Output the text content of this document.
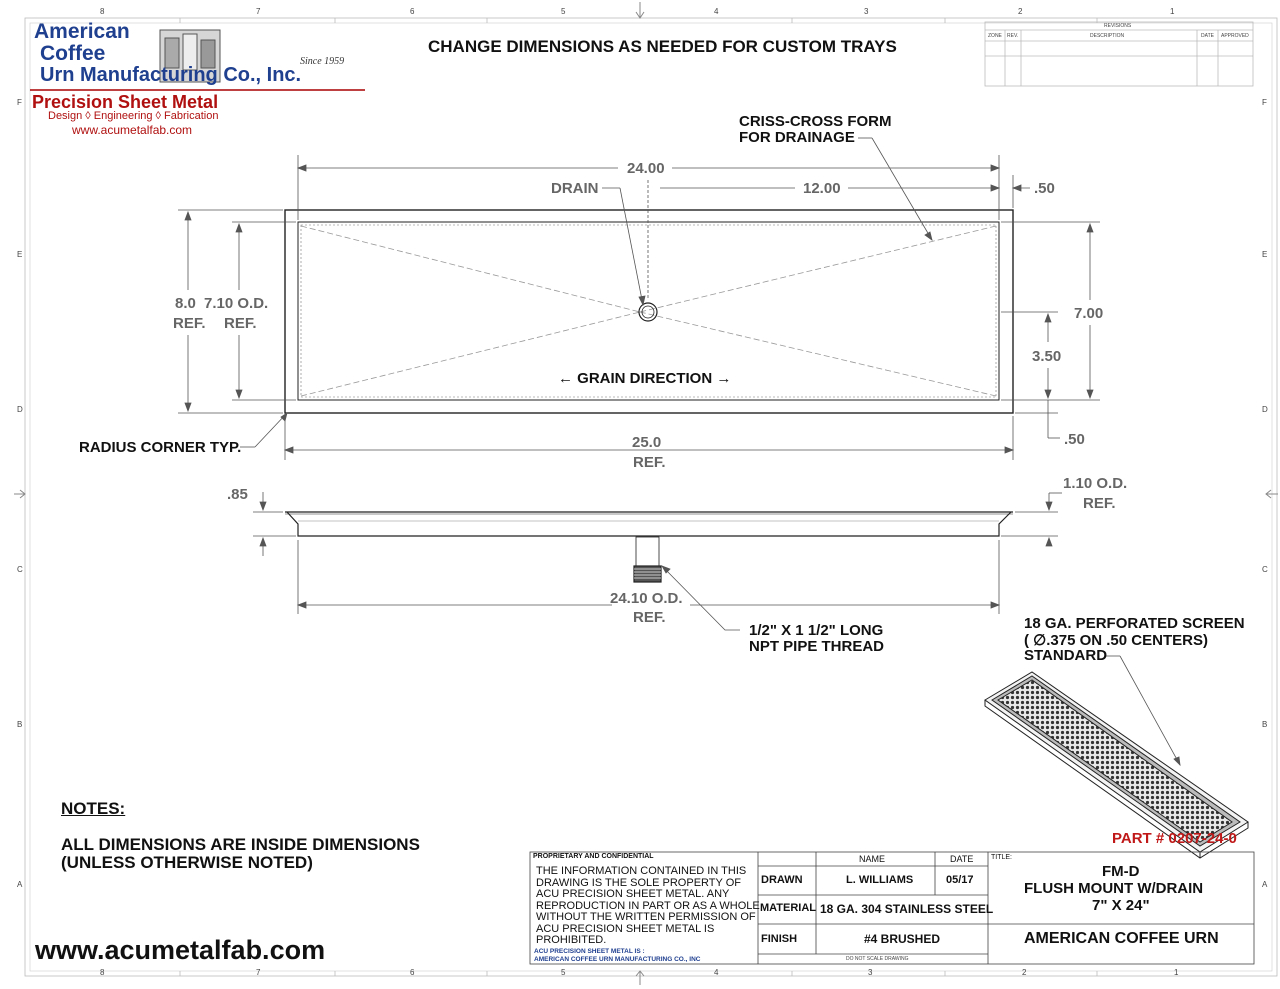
8	7	6	5	4	3	2	1
8	7	6	5	4	3	2	1
F
E
D
C
B
A
F
E
D
C
B
A
American
Coffee
Urn Manufacturing Co., Inc.
Since 1959
Precision Sheet Metal
Design ◊ Engineering ◊ Fabrication
www.acumetalfab.com
CHANGE DIMENSIONS AS NEEDED FOR CUSTOM TRAYS
REVISIONS
ZONE REV.	DESCRIPTION	DATE APPROVED
CRISS-CROSS FORM
FOR DRAINAGE
DRAIN
24.00
12.00	.50
8.0
REF.
7.10 O.D.
REF.
7.00
3.50
← GRAIN DIRECTION →
.50
RADIUS CORNER TYP.	25.0
REF.
.85
1.10 O.D.
REF.
24.10 O.D.
REF.
1/2" X 1 1/2" LONG
NPT PIPE THREAD
18 GA. PERFORATED SCREEN
( ∅.375 ON .50 CENTERS)
STANDARD
NOTES:
ALL DIMENSIONS ARE INSIDE DIMENSIONS
(UNLESS OTHERWISE NOTED)
PART # 0207-24-0
www.acumetalfab.com
PROPRIETARY AND CONFIDENTIAL
THE INFORMATION CONTAINED IN THIS
DRAWING IS THE SOLE PROPERTY OF
ACU PRECISION SHEET METAL. ANY
REPRODUCTION IN PART OR AS A WHOLE
WITHOUT THE WRITTEN PERMISSION OF
ACU PRECISION SHEET METAL IS
PROHIBITED.
ACU PRECISION SHEET METAL IS :
AMERICAN COFFEE URN MANUFACTURING CO., INC
NAME	DATE	TITLE:
DRAWN	L. WILLIAMS	05/17
MATERIAL 18 GA. 304 STAINLESS STEEL
FINISH	#4 BRUSHED
DO NOT SCALE DRAWING
FM-D
FLUSH MOUNT W/DRAIN
7" X 24"
AMERICAN COFFEE URN
